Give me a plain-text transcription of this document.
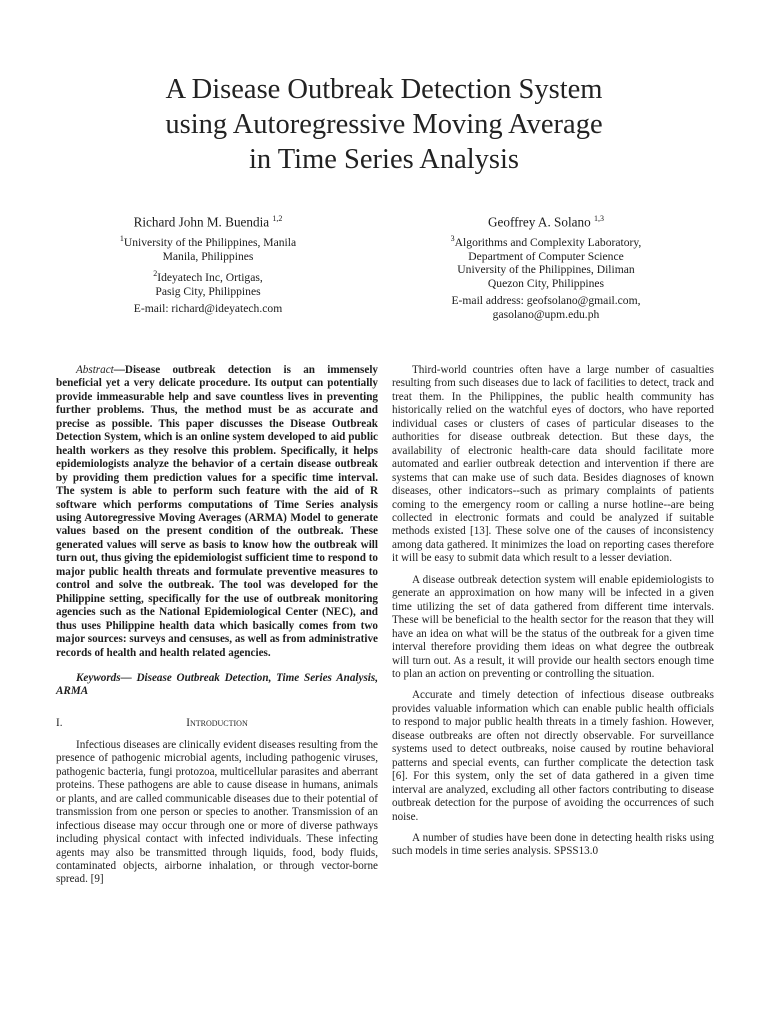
A Disease Outbreak Detection System
using Autoregressive Moving Average
in Time Series Analysis
Richard John M. Buendia $^{1,2}$
$^1$University of the Philippines, Manila
Manila, Philippines
$^2$Ideyatech Inc, Ortigas,
Pasig City, Philippines
E-mail: richard@ideyatech.com
Geoffrey A. Solano $^{1,3}$
$^3$Algorithms and Complexity Laboratory,
Department of Computer Science
University of the Philippines, Diliman
Quezon City, Philippines
E-mail address: geofsolano@gmail.com,
gasolano@upm.edu.ph

Abstract—Disease outbreak detection is an immensely beneficial yet a very delicate procedure. Its output can potentially provide immeasurable help and save countless lives in preventing further problems. Thus, the method must be as accurate and precise as possible. This paper discusses the Disease Outbreak Detection System, which is an online system developed to aid public health workers as they resolve this problem. Specifically, it helps epidemiologists analyze the behavior of a certain disease outbreak by providing them prediction values for a specific time interval. The system is able to perform such feature with the aid of R software which performs computations of Time Series analysis using Autoregressive Moving Averages (ARMA) Model to generate values based on the present condition of the outbreak. These generated values will serve as basis to know how the outbreak will turn out, thus giving the epidemiologist sufficient time to respond to major public health threats and formulate preventive measures to control and solve the outbreak. The tool was developed for the Philippine setting, specifically for the use of outbreak monitoring agencies such as the National Epidemiological Center (NEC), and thus uses Philippine health data which basically comes from two major sources: surveys and censuses, as well as from administrative records of health and health related agencies.

Keywords— Disease Outbreak Detection, Time Series Analysis, ARMA

I.	Introduction

Infectious diseases are clinically evident diseases resulting from the presence of pathogenic microbial agents, including pathogenic viruses, pathogenic bacteria, fungi protozoa, multicellular parasites and aberrant proteins. These pathogens are able to cause disease in humans, animals or plants, and are called communicable diseases due to their potential of transmission from one person or species to another. Transmission of an infectious disease may occur through one or more of diverse pathways including physical contact with infected individuals. These infecting agents may also be transmitted through liquids, food, body fluids, contaminated objects, airborne inhalation, or through vector-borne spread. [9]

Third-world countries often have a large number of casualties resulting from such diseases due to lack of facilities to detect, track and treat them. In the Philippines, the public health community has historically relied on the watchful eyes of doctors, who have reported individual cases or clusters of cases of particular diseases to the authorities for disease outbreak detection. But these days, the availability of electronic health-care data should facilitate more automated and earlier outbreak detection and intervention if there are systems that can make use of such data. Besides diagnoses of known diseases, other indicators--such as primary complaints of patients coming to the emergency room or calling a nurse hotline--are being collected in electronic formats and could be analyzed if suitable methods existed [13]. These solve one of the causes of inconsistency among data gathered. It minimizes the load on reporting cases therefore it will be easy to submit data which result to a lesser deviation.

A disease outbreak detection system will enable epidemiologists to generate an approximation on how many will be infected in a given time utilizing the set of data gathered from different time intervals. These will be beneficial to the health sector for the reason that they will have an idea on what will be the status of the outbreak for a given time interval therefore providing them ideas on what degree the outbreak will turn out. As a result, it will provide our health sectors enough time to plan an action on preventing or controlling the situation.

Accurate and timely detection of infectious disease outbreaks provides valuable information which can enable public health officials to respond to major public health threats in a timely fashion. However, disease outbreaks are often not directly observable. For surveillance systems used to detect outbreaks, noise caused by routine behavioral patterns and special events, can further complicate the detection task [6]. For this system, only the set of data gathered in a given time interval are analyzed, excluding all other factors contributing to disease outbreak detection for the purpose of avoiding the occurrences of such noise.

A number of studies have been done in detecting health risks using such models in time series analysis. SPSS13.0
